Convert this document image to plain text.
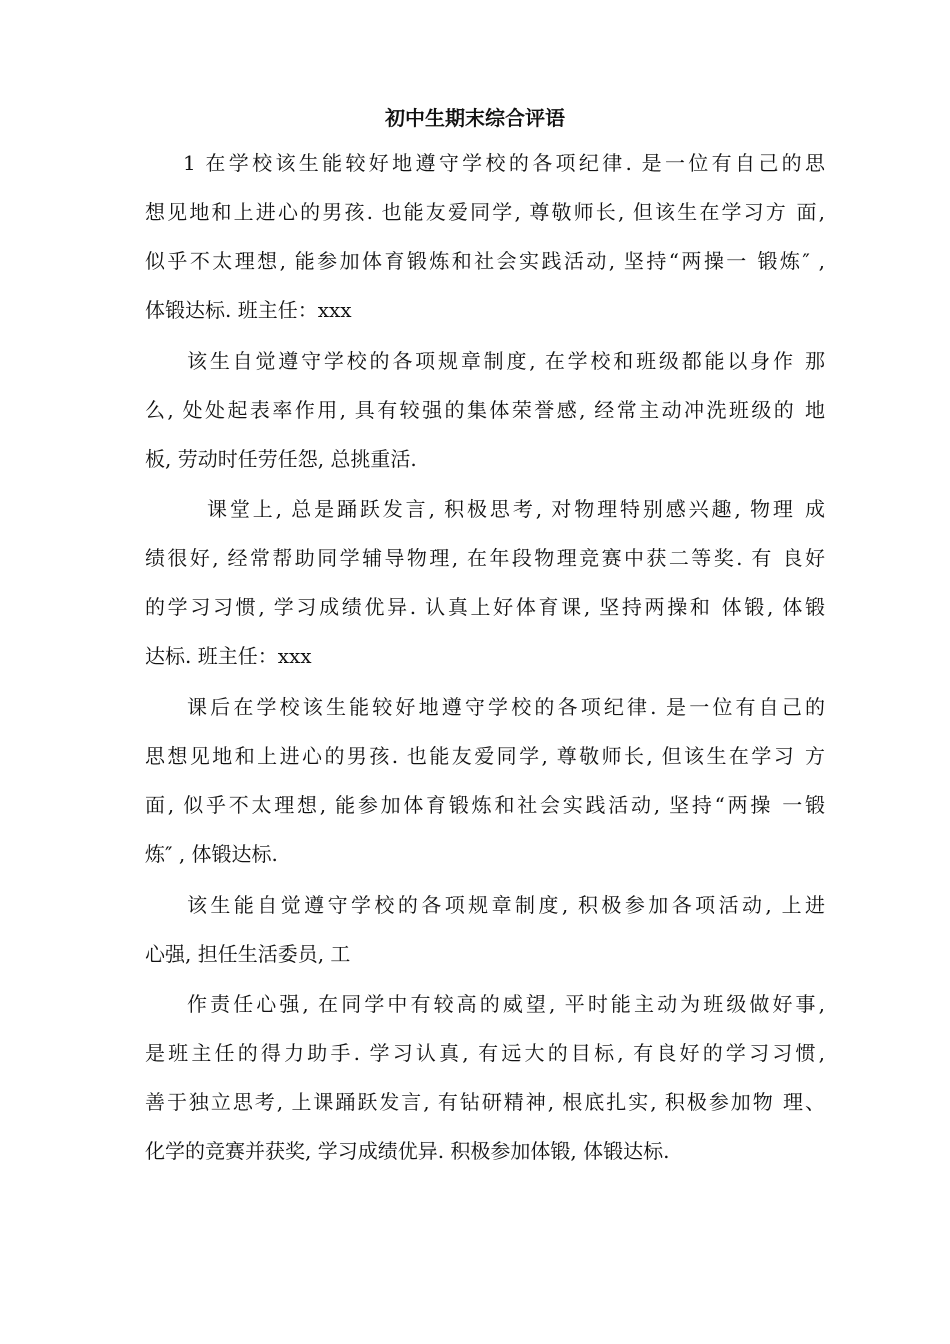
初中生期末综合评语
1 在学校该生能较好地遵守学校的各项纪律. 是一位有自己的思
想见地和上进心的男孩. 也能友爱同学, 尊敬师长, 但该生在学习方 面,
似乎不太理想, 能参加体育锻炼和社会实践活动, 坚持“两操一 锻炼″ ,
体锻达标. 班主任：xxx
该生自觉遵守学校的各项规章制度, 在学校和班级都能以身作 那
么, 处处起表率作用, 具有较强的集体荣誉感, 经常主动冲洗班级的 地
板, 劳动时任劳任怨, 总挑重活.
课堂上, 总是踊跃发言, 积极思考, 对物理特别感兴趣, 物理 成
绩很好, 经常帮助同学辅导物理, 在年段物理竞赛中获二等奖. 有 良好
的学习习惯, 学习成绩优异. 认真上好体育课, 坚持两操和 体锻, 体锻
达标. 班主任：xxx
课后在学校该生能较好地遵守学校的各项纪律. 是一位有自己的
思想见地和上进心的男孩. 也能友爱同学, 尊敬师长, 但该生在学习 方
面, 似乎不太理想, 能参加体育锻炼和社会实践活动, 坚持“两操 一锻
炼″ , 体锻达标.
该生能自觉遵守学校的各项规章制度, 积极参加各项活动, 上进
心强, 担任生活委员, 工
作责任心强, 在同学中有较高的威望, 平时能主动为班级做好事,
是班主任的得力助手. 学习认真, 有远大的目标, 有良好的学习习惯,
善于独立思考, 上课踊跃发言, 有钻研精神, 根底扎实, 积极参加物 理、
化学的竞赛并获奖, 学习成绩优异. 积极参加体锻, 体锻达标.
